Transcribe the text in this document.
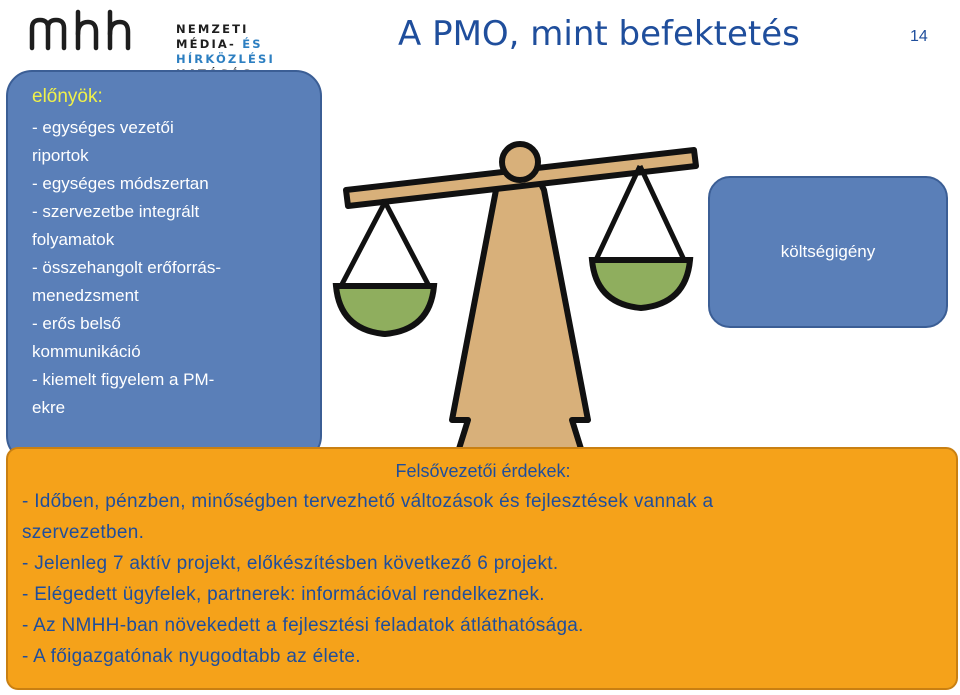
NEMZETI MÉDIA- ÉS
HÍRKÖZLÉSI
A PMO, mint befektetés	14
előnyök:
- egységes vezetői
riportok
- egységes módszertan
- szervezetbe integrált
folyamatok
- összehangolt erőforrás-
menedzsment
- erős belső
kommunikáció
- kiemelt figyelem a PM-
ekre
költségigény
Felsővezetői érdekek:
- Időben, pénzben, minőségben tervezhető változások és fejlesztések vannak a
szervezetben.
- Jelenleg 7 aktív projekt, előkészítésben következő 6 projekt.
- Elégedett ügyfelek, partnerek: információval rendelkeznek.
- Az NMHH-ban növekedett a fejlesztési feladatok átláthatósága.
- A főigazgatónak nyugodtabb az élete.
